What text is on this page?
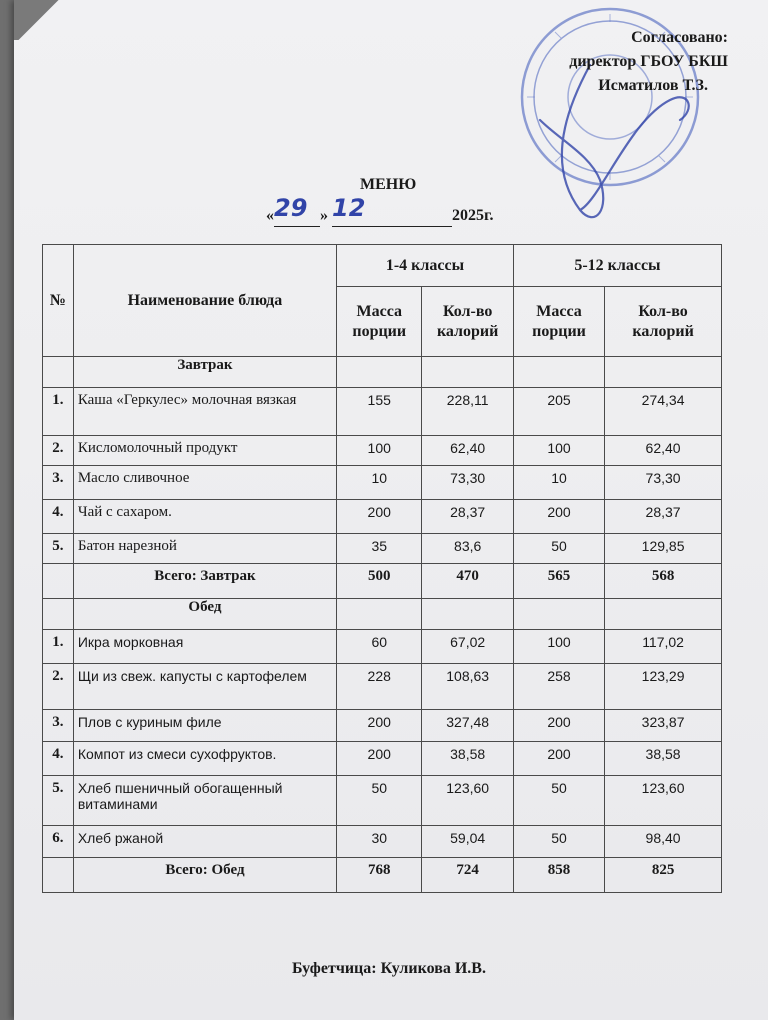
Согласовано:
директор ГБОУ БКШ
Исматилов Т.З.
МЕНЮ
«29 » 12	2025г.
№	Наименование блюда	1-4 классы		5-12 классы	
		Масса порции	Кол-во калорий	Масса порции	Кол-во калорий
	Завтрак				
1.	Каша «Геркулес» молочная вязкая	155	228,11	205	274,34
2.	Кисломолочный продукт	100	62,40	100	62,40
3.	Масло сливочное	10	73,30	10	73,30
4.	Чай с сахаром.	200	28,37	200	28,37
5.	Батон нарезной	35	83,6	50	129,85
	Всего: Завтрак	500	470	565	568
	Обед				
1.	Икра морковная	60	67,02	100	117,02
2.	Щи из свеж. капусты с картофелем	228	108,63	258	123,29
3.	Плов с куриным филе	200	327,48	200	323,87
4.	Компот из смеси сухофруктов.	200	38,58	200	38,58
5.	Хлеб пшеничный обогащенный витаминами	50	123,60	50	123,60
6.	Хлеб ржаной	30	59,04	50	98,40
	Всего: Обед	768	724	858	825
Буфетчица: Куликова И.В.
